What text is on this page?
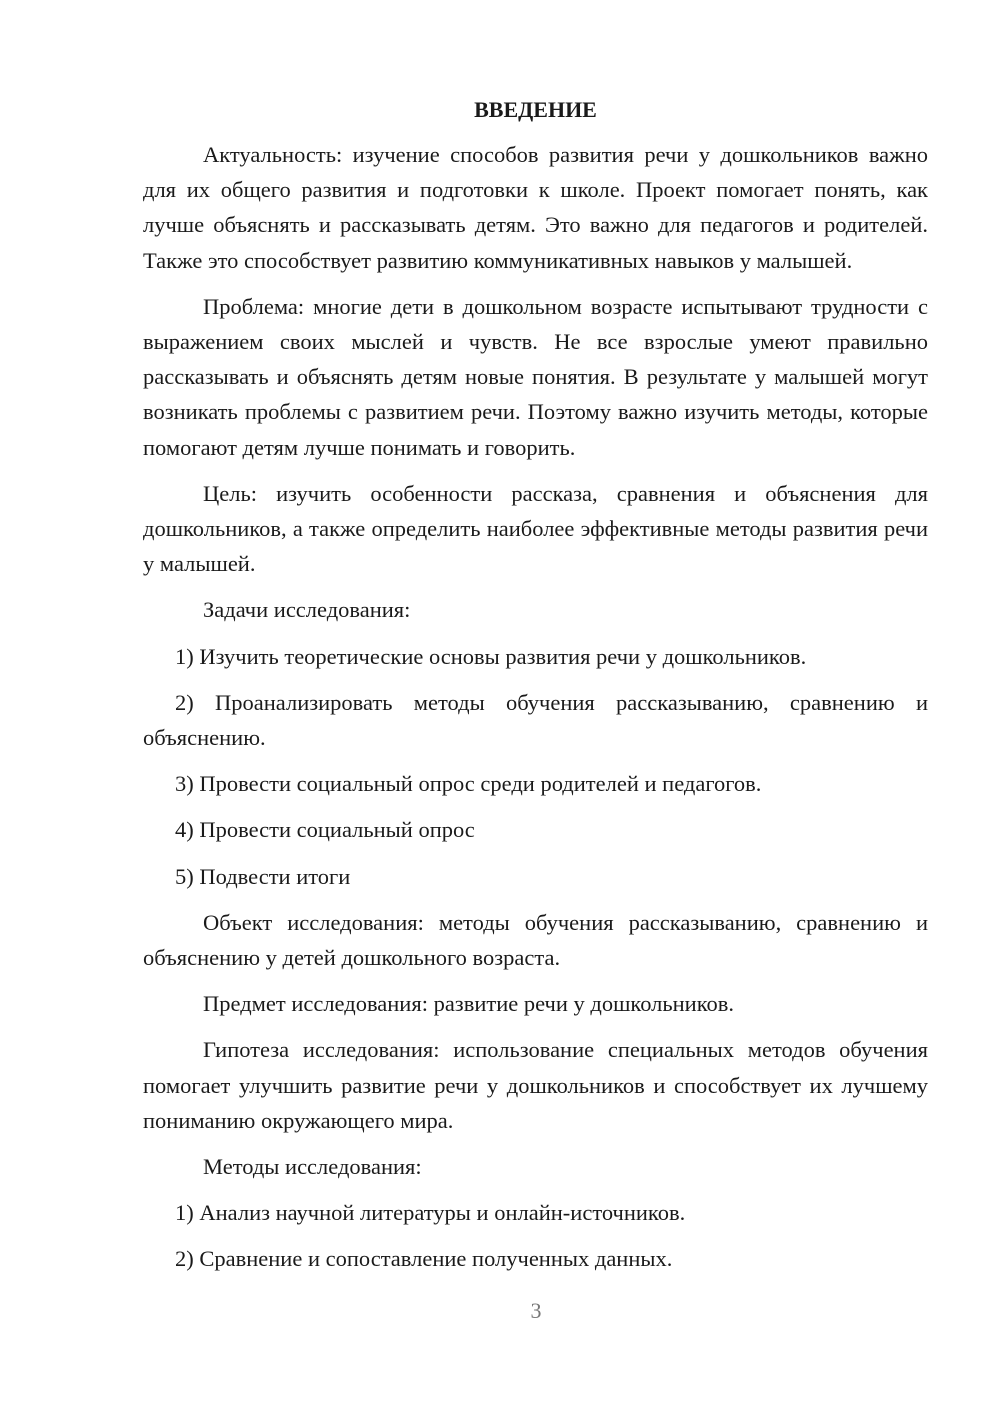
ВВЕДЕНИЕ

Актуальность: изучение способов развития речи у дошкольников важно для их общего развития и подготовки к школе. Проект помогает понять, как лучше объяснять и рассказывать детям. Это важно для педагогов и родителей. Также это способствует развитию коммуникативных навыков у малышей.

Проблема: многие дети в дошкольном возрасте испытывают трудности с выражением своих мыслей и чувств. Не все взрослые умеют правильно рассказывать и объяснять детям новые понятия. В результате у малышей могут возникать проблемы с развитием речи. Поэтому важно изучить методы, которые помогают детям лучше понимать и говорить.

Цель: изучить особенности рассказа, сравнения и объяснения для дошкольников, а также определить наиболее эффективные методы развития речи у малышей.

Задачи исследования:

1) Изучить теоретические основы развития речи у дошкольников.

2) Проанализировать методы обучения рассказыванию, сравнению и объяснению.

3) Провести социальный опрос среди родителей и педагогов.

4) Провести социальный опрос

5) Подвести итоги

Объект исследования: методы обучения рассказыванию, сравнению и объяснению у детей дошкольного возраста.

Предмет исследования: развитие речи у дошкольников.

Гипотеза исследования: использование специальных методов обучения помогает улучшить развитие речи у дошкольников и способствует их лучшему пониманию окружающего мира.

Методы исследования:

1) Анализ научной литературы и онлайн-источников.

2) Сравнение и сопоставление полученных данных.

3
